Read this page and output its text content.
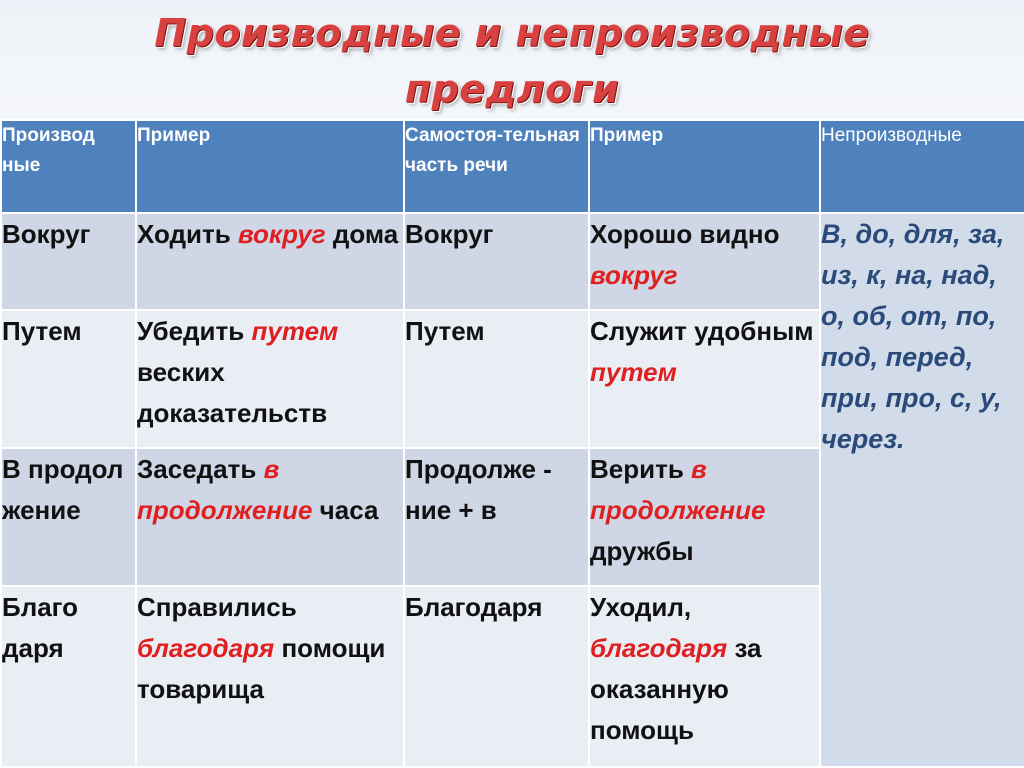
Производные и непроизводные
предлоги
Производ ные	Пример	Самостоя-тельная часть речи	Пример	Непроизводные
Вокруг	Ходить вокруг дома	Вокруг	Хорошо видно вокруг	В, до, для, за, из, к, на, над, о, об, от, по, под, перед, при, про, с, у, через.
Путем	Убедить путем веских доказательств	Путем	Служит удобным путем	
В продол жение	Заседать в продолжение часа	Продолже - ние + в	Верить в продолжение дружбы	
Благо даря	Справились благодаря помощи товарища	Благодаря	Уходил, благодаря за оказанную помощь	
